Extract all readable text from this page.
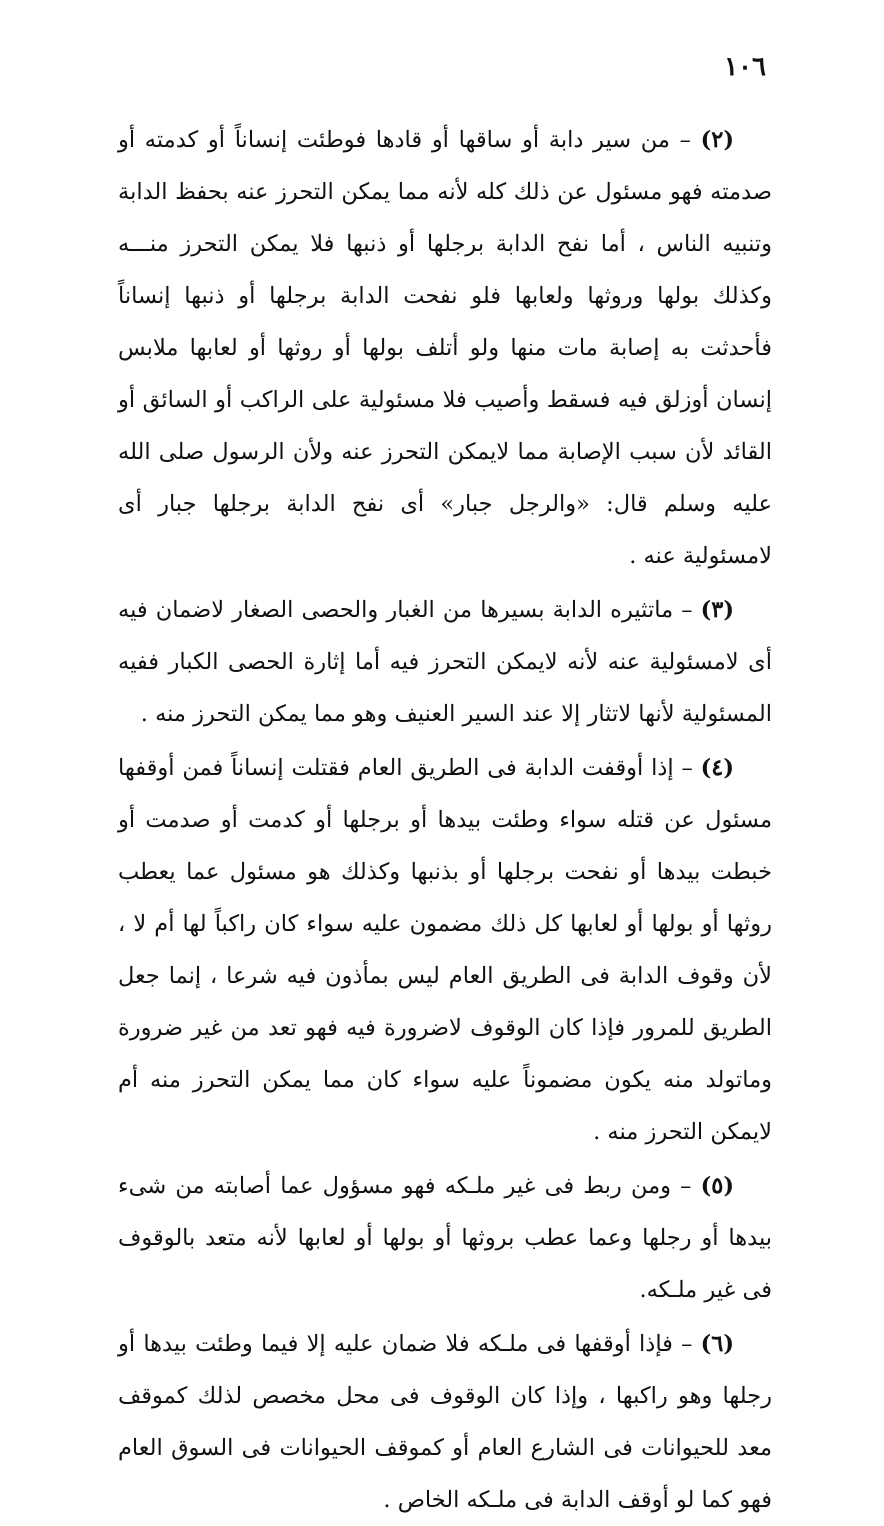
١٠٦

(٢) – من سير دابة أو ساقها أو قادها فوطئت إنساناً أو كدمته أو صدمته فهو مسئول عن ذلك كله لأنه مما يمكن التحرز عنه بحفظ الدابة وتنبيه الناس ، أما نفح الدابة برجلها أو ذنبها فلا يمكن التحرز منـــه وكذلك بولها وروثها ولعابها فلو نفحت الدابة برجلها أو ذنبها إنساناً فأحدثت به إصابة مات منها ولو أتلف بولها أو روثها أو لعابها ملابس إنسان أوزلق فيه فسقط وأصيب فلا مسئولية على الراكب أو السائق أو القائد لأن سبب الإصابة مما لايمكن التحرز عنه ولأن الرسول صلى الله عليه وسلم قال: «والرجل جبار» أى نفح الدابة برجلها جبار أى لامسئولية عنه .

(٣) – ماتثيره الدابة بسيرها من الغبار والحصى الصغار لاضمان فيه أى لامسئولية عنه لأنه لايمكن التحرز فيه أما إثارة الحصى الكبار ففيه المسئولية لأنها لاتثار إلا عند السير العنيف وهو مما يمكن التحرز منه .

(٤) – إذا أوقفت الدابة فى الطريق العام فقتلت إنساناً فمن أوقفها مسئول عن قتله سواء وطئت بيدها أو برجلها أو كدمت أو صدمت أو خبطت بيدها أو نفحت برجلها أو بذنبها وكذلك هو مسئول عما يعطب روثها أو بولها أو لعابها كل ذلك مضمون عليه سواء كان راكباً لها أم لا ، لأن وقوف الدابة فى الطريق العام ليس بمأذون فيه شرعا ، إنما جعل الطريق للمرور فإذا كان الوقوف لاضرورة فيه فهو تعد من غير ضرورة وماتولد منه يكون مضموناً عليه سواء كان مما يمكن التحرز منه أم لايمكن التحرز منه .

(٥) – ومن ربط فى غير ملـكه فهو مسؤول عما أصابته من شىء بيدها أو رجلها وعما عطب بروثها أو بولها أو لعابها لأنه متعد بالوقوف فى غير ملـكه.

(٦) – فإذا أوقفها فى ملـكه فلا ضمان عليه إلا فيما وطئت بيدها أو رجلها وهو راكبها ، وإذا كان الوقوف فى محل مخصص لذلك كموقف معد للحيوانات فى الشارع العام أو كموقف الحيوانات فى السوق العام فهو كما لو أوقف الدابة فى ملـكه الخاص .
